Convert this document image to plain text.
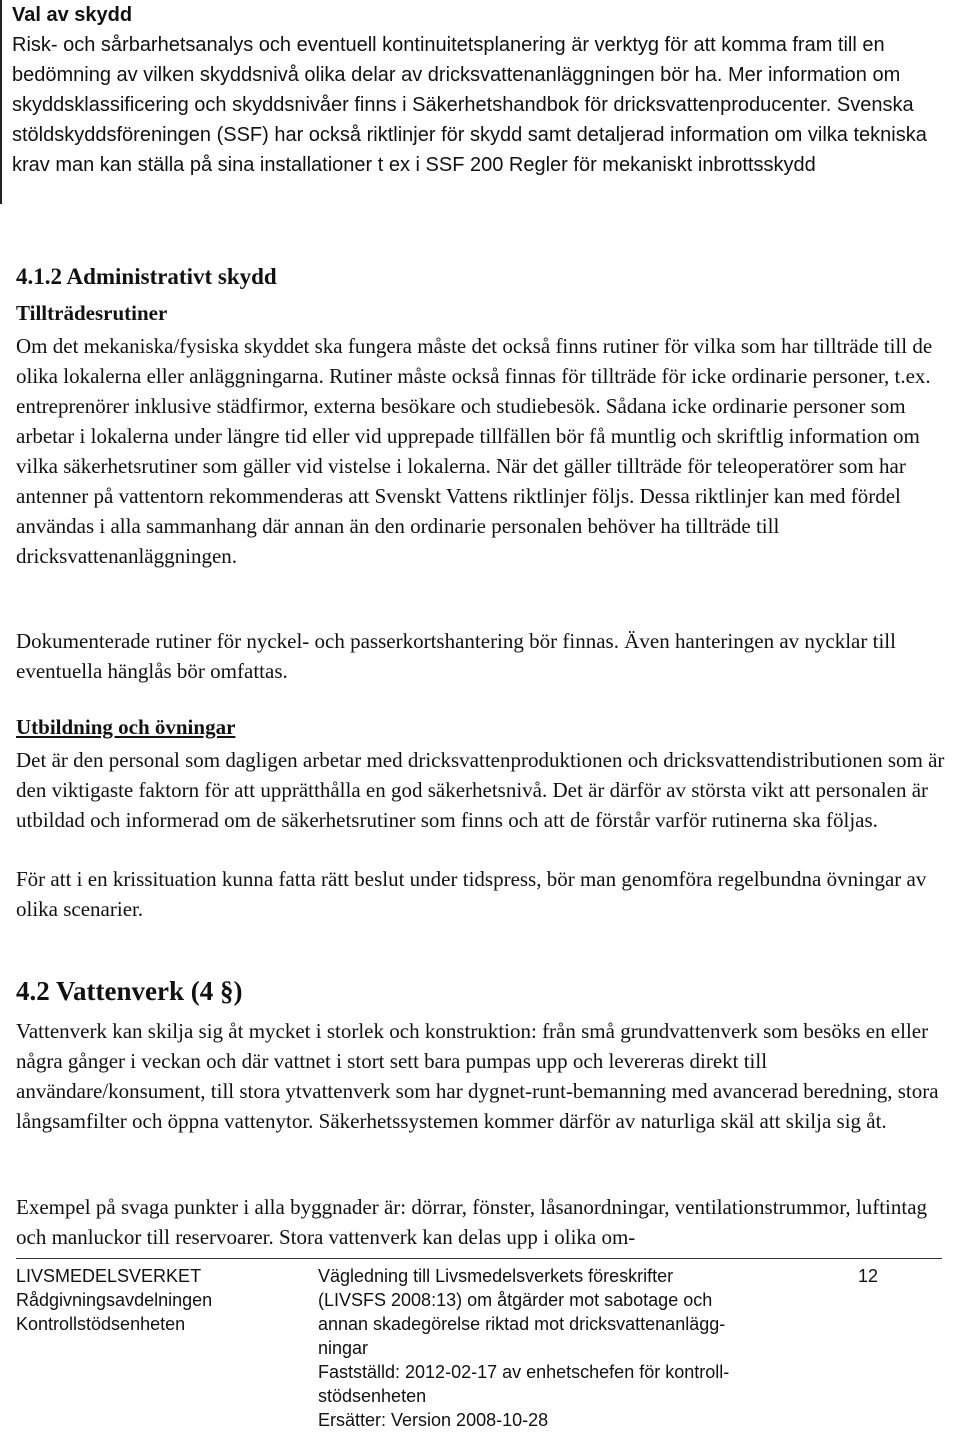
Val av skydd

Risk- och sårbarhetsanalys och eventuell kontinuitetsplanering är verktyg för att komma fram till en bedömning av vilken skyddsnivå olika delar av dricksvattenanläggningen bör ha. Mer information om skyddsklassificering och skyddsnivåer finns i Säkerhetshandbok för dricksvattenproducenter. Svenska stöldskyddsföreningen (SSF) har också riktlinjer för skydd samt detaljerad information om vilka tekniska krav man kan ställa på sina installationer t ex i SSF 200 Regler för mekaniskt inbrottsskydd

4.1.2 Administrativt skydd

Tillträdesrutiner

Om det mekaniska/fysiska skyddet ska fungera måste det också finns rutiner för vilka som har tillträde till de olika lokalerna eller anläggningarna. Rutiner måste också finnas för tillträde för icke ordinarie personer, t.ex. entreprenörer inklusive städfirmor, externa besökare och studiebesök. Sådana icke ordinarie personer som arbetar i lokalerna under längre tid eller vid upprepade tillfällen bör få muntlig och skriftlig information om vilka säkerhetsrutiner som gäller vid vistelse i lokalerna. När det gäller tillträde för teleoperatörer som har antenner på vattentorn rekommenderas att Svenskt Vattens riktlinjer följs. Dessa riktlinjer kan med fördel användas i alla sammanhang där annan än den ordinarie personalen behöver ha tillträde till dricksvattenanläggningen.

Dokumenterade rutiner för nyckel- och passerkortshantering bör finnas. Även hanteringen av nycklar till eventuella hänglås bör omfattas.

Utbildning och övningar

Det är den personal som dagligen arbetar med dricksvattenproduktionen och dricksvattendistributionen som är den viktigaste faktorn för att upprätthålla en god säkerhetsnivå. Det är därför av största vikt att personalen är utbildad och informerad om de säkerhetsrutiner som finns och att de förstår varför rutinerna ska följas.

För att i en krissituation kunna fatta rätt beslut under tidspress, bör man genomföra regelbundna övningar av olika scenarier.

4.2 Vattenverk (4 §)

Vattenverk kan skilja sig åt mycket i storlek och konstruktion: från små grundvattenverk som besöks en eller några gånger i veckan och där vattnet i stort sett bara pumpas upp och levereras direkt till användare/konsument, till stora ytvattenverk som har dygnet-runt-bemanning med avancerad beredning, stora långsamfilter och öppna vattenytor. Säkerhetssystemen kommer därför av naturliga skäl att skilja sig åt.

Exempel på svaga punkter i alla byggnader är: dörrar, fönster, låsanordningar, ventilationstrummor, luftintag och manluckor till reservoarer. Stora vattenverk kan delas upp i olika om-

LIVSMEDELSVERKET
Rådgivningsavdelningen
Kontrollstödsenheten
Vägledning till Livsmedelsverkets föreskrifter
(LIVSFS 2008:13) om åtgärder mot sabotage och
annan skadegörelse riktad mot dricksvattenanlägg-
ningar
Fastställd: 2012-02-17 av enhetschefen för kontroll-
stödsenheten
Ersätter: Version 2008-10-28
12
